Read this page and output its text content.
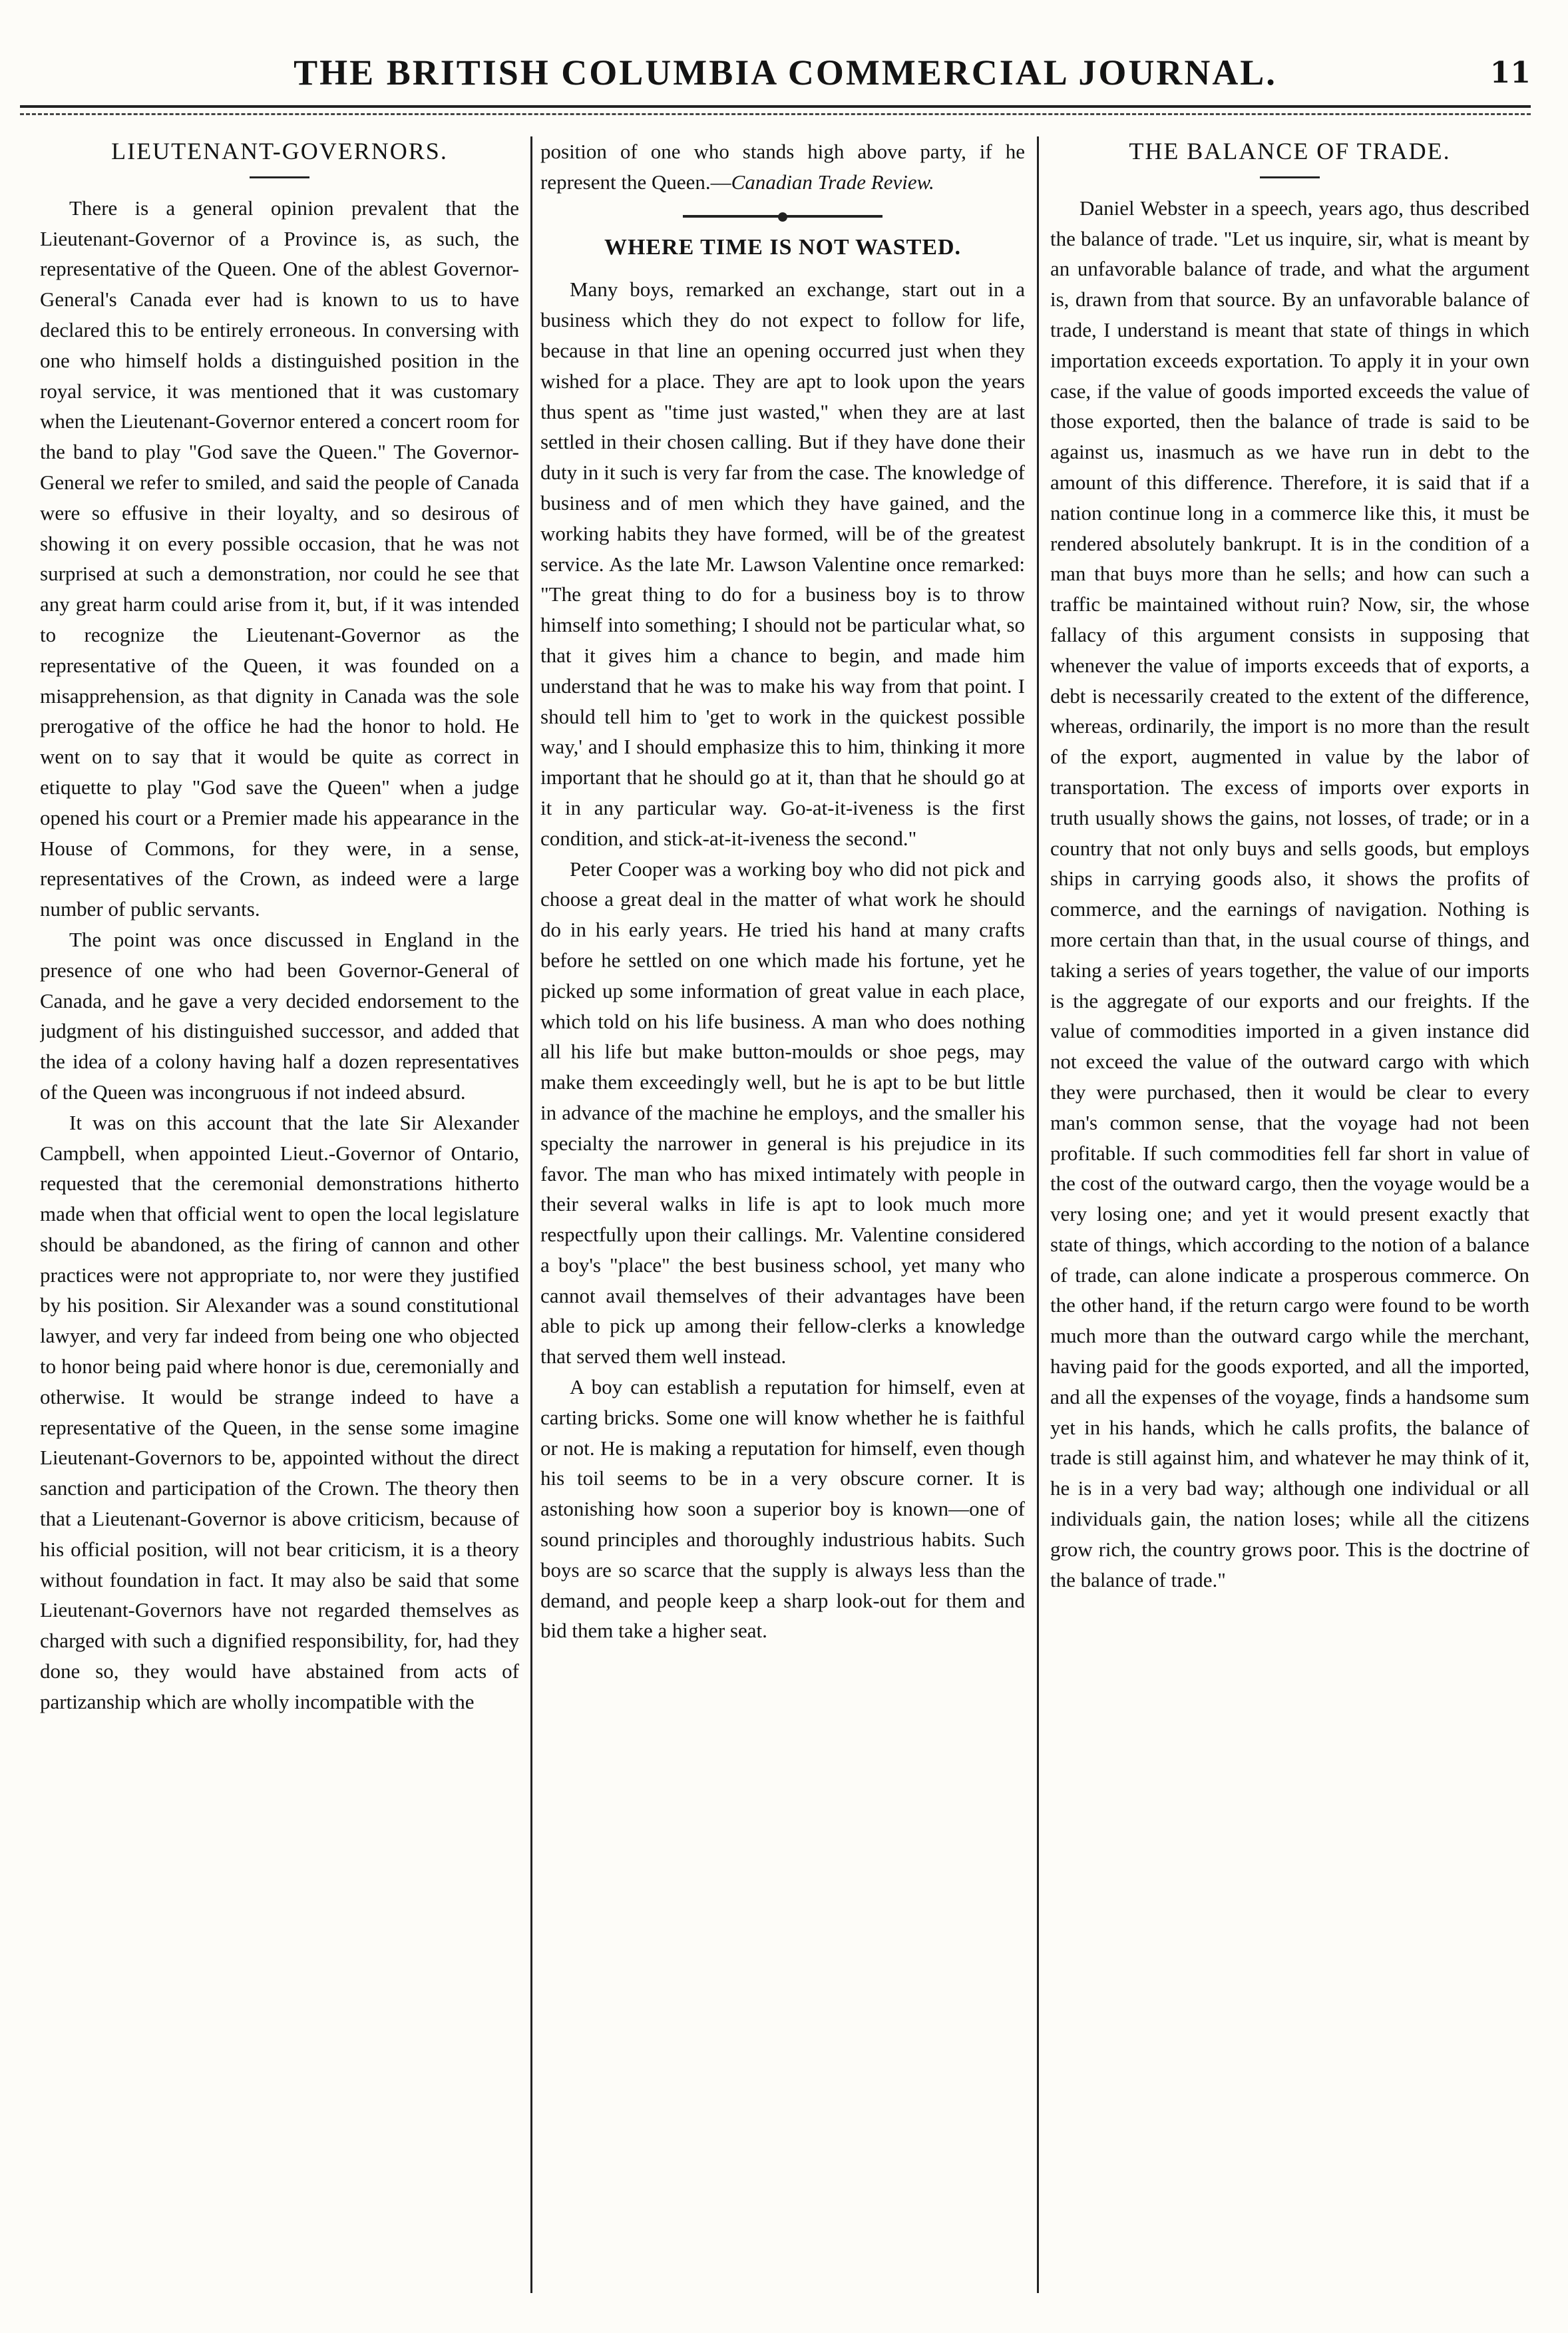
THE BRITISH COLUMBIA COMMERCIAL JOURNAL.	11
LIEUTENANT-GOVERNORS.

There is a general opinion prevalent that the Lieutenant-Governor of a Province is, as such, the representative of the Queen. One of the ablest Governor-General's Canada ever had is known to us to have declared this to be entirely erroneous. In conversing with one who himself holds a distinguished position in the royal service, it was mentioned that it was customary when the Lieutenant-Governor entered a concert room for the band to play "God save the Queen." The Governor-General we refer to smiled, and said the people of Canada were so effusive in their loyalty, and so desirous of showing it on every possible occasion, that he was not surprised at such a demonstration, nor could he see that any great harm could arise from it, but, if it was intended to recognize the Lieutenant-Governor as the representative of the Queen, it was founded on a misapprehension, as that dignity in Canada was the sole prerogative of the office he had the honor to hold. He went on to say that it would be quite as correct in etiquette to play "God save the Queen" when a judge opened his court or a Premier made his appearance in the House of Commons, for they were, in a sense, representatives of the Crown, as indeed were a large number of public servants.

The point was once discussed in England in the presence of one who had been Governor-General of Canada, and he gave a very decided endorsement to the judgment of his distinguished successor, and added that the idea of a colony having half a dozen representatives of the Queen was incongruous if not indeed absurd.

It was on this account that the late Sir Alexander Campbell, when appointed Lieut.-Governor of Ontario, requested that the ceremonial demonstrations hitherto made when that official went to open the local legislature should be abandoned, as the firing of cannon and other practices were not appropriate to, nor were they justified by his position. Sir Alexander was a sound constitutional lawyer, and very far indeed from being one who objected to honor being paid where honor is due, ceremonially and otherwise. It would be strange indeed to have a representative of the Queen, in the sense some imagine Lieutenant-Governors to be, appointed without the direct sanction and participation of the Crown. The theory then that a Lieutenant-Governor is above criticism, because of his official position, will not bear criticism, it is a theory without foundation in fact. It may also be said that some Lieutenant-Governors have not regarded themselves as charged with such a dignified responsibility, for, had they done so, they would have abstained from acts of partizanship which are wholly incompatible with the

position of one who stands high above party, if he represent the Queen.—Canadian Trade Review.

WHERE TIME IS NOT WASTED.

Many boys, remarked an exchange, start out in a business which they do not expect to follow for life, because in that line an opening occurred just when they wished for a place. They are apt to look upon the years thus spent as "time just wasted," when they are at last settled in their chosen calling. But if they have done their duty in it such is very far from the case. The knowledge of business and of men which they have gained, and the working habits they have formed, will be of the greatest service. As the late Mr. Lawson Valentine once remarked: "The great thing to do for a business boy is to throw himself into something; I should not be particular what, so that it gives him a chance to begin, and made him understand that he was to make his way from that point. I should tell him to 'get to work in the quickest possible way,' and I should emphasize this to him, thinking it more important that he should go at it, than that he should go at it in any particular way. Go-at-it-iveness is the first condition, and stick-at-it-iveness the second."

Peter Cooper was a working boy who did not pick and choose a great deal in the matter of what work he should do in his early years. He tried his hand at many crafts before he settled on one which made his fortune, yet he picked up some information of great value in each place, which told on his life business. A man who does nothing all his life but make button-moulds or shoe pegs, may make them exceedingly well, but he is apt to be but little in advance of the machine he employs, and the smaller his specialty the narrower in general is his prejudice in its favor. The man who has mixed intimately with people in their several walks in life is apt to look much more respectfully upon their callings. Mr. Valentine considered a boy's "place" the best business school, yet many who cannot avail themselves of their advantages have been able to pick up among their fellow-clerks a knowledge that served them well instead.

A boy can establish a reputation for himself, even at carting bricks. Some one will know whether he is faithful or not. He is making a reputation for himself, even though his toil seems to be in a very obscure corner. It is astonishing how soon a superior boy is known—one of sound principles and thoroughly industrious habits. Such boys are so scarce that the supply is always less than the demand, and people keep a sharp look-out for them and bid them take a higher seat.

THE BALANCE OF TRADE.

Daniel Webster in a speech, years ago, thus described the balance of trade. "Let us inquire, sir, what is meant by an unfavorable balance of trade, and what the argument is, drawn from that source. By an unfavorable balance of trade, I understand is meant that state of things in which importation exceeds exportation. To apply it in your own case, if the value of goods imported exceeds the value of those exported, then the balance of trade is said to be against us, inasmuch as we have run in debt to the amount of this difference. Therefore, it is said that if a nation continue long in a commerce like this, it must be rendered absolutely bankrupt. It is in the condition of a man that buys more than he sells; and how can such a traffic be maintained without ruin? Now, sir, the whose fallacy of this argument consists in supposing that whenever the value of imports exceeds that of exports, a debt is necessarily created to the extent of the difference, whereas, ordinarily, the import is no more than the result of the export, augmented in value by the labor of transportation. The excess of imports over exports in truth usually shows the gains, not losses, of trade; or in a country that not only buys and sells goods, but employs ships in carrying goods also, it shows the profits of commerce, and the earnings of navigation. Nothing is more certain than that, in the usual course of things, and taking a series of years together, the value of our imports is the aggregate of our exports and our freights. If the value of commodities imported in a given instance did not exceed the value of the outward cargo with which they were purchased, then it would be clear to every man's common sense, that the voyage had not been profitable. If such commodities fell far short in value of the cost of the outward cargo, then the voyage would be a very losing one; and yet it would present exactly that state of things, which according to the notion of a balance of trade, can alone indicate a prosperous commerce. On the other hand, if the return cargo were found to be worth much more than the outward cargo while the merchant, having paid for the goods exported, and all the imported, and all the expenses of the voyage, finds a handsome sum yet in his hands, which he calls profits, the balance of trade is still against him, and whatever he may think of it, he is in a very bad way; although one individual or all individuals gain, the nation loses; while all the citizens grow rich, the country grows poor. This is the doctrine of the balance of trade."
